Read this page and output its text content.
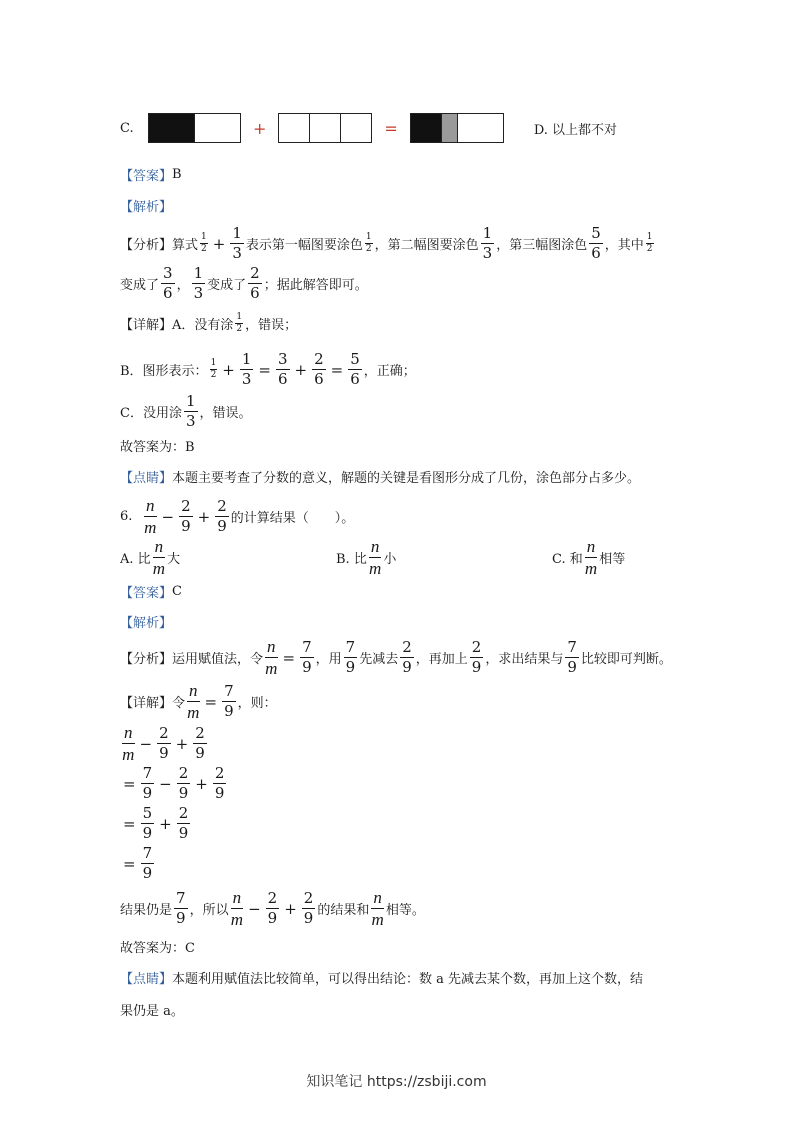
C.	+	=	D. 以上都不对
【答案】 B
【解析】
【分析】 算式 $\frac{1}{2} + \frac{1}{3}$ 表示第一幅图要涂色 $\frac{1}{2}$ ，第二幅图要涂色 $\frac{1}{3}$ ，第三幅图涂色 $\frac{5}{6}$ ，其中 $\frac{1}{2}$
变成了 $\frac{3}{6}$ ， $\frac{1}{3}$ 变成了 $\frac{2}{6}$ ；据此解答即可。
【详解】 A．没有涂 $\frac{1}{2}$ ，错误；
B．图形表示： $\frac{1}{2} + \frac{1}{3} = \frac{3}{6} + \frac{2}{6} = \frac{5}{6}$ ，正确；
C．没用涂 $\frac{1}{3}$ ，错误。
故答案为：B
【点睛】 本题主要考查了分数的意义，解题的关键是看图形分成了几份，涂色部分占多少。
6. $\frac{n}{m} - \frac{2}{9} + \frac{2}{9}$ 的计算结果（　　）。
A. 比 $\frac{n}{m}$ 大	B. 比 $\frac{n}{m}$ 小	C. 和 $\frac{n}{m}$ 相等
【答案】 C
【解析】
【分析】 运用赋值法，令 $\frac{n}{m} = \frac{7}{9}$ ，用 $\frac{7}{9}$ 先减去 $\frac{2}{9}$ ，再加上 $\frac{2}{9}$ ，求出结果与 $\frac{7}{9}$ 比较即可判断。
【详解】 令 $\frac{n}{m} = \frac{7}{9}$ ，则：
$\frac{n}{m} - \frac{2}{9} + \frac{2}{9}$
= $\frac{7}{9} - \frac{2}{9} + \frac{2}{9}$
= $\frac{5}{9} + \frac{2}{9}$
= $\frac{7}{9}$
结果仍是 $\frac{7}{9}$ ，所以 $\frac{n}{m} - \frac{2}{9} + \frac{2}{9}$ 的结果和 $\frac{n}{m}$ 相等。
故答案为：C
【点睛】 本题利用赋值法比较简单，可以得出结论：数 a 先减去某个数，再加上这个数，结
果仍是 a。
知识笔记 https://zsbiji.com
